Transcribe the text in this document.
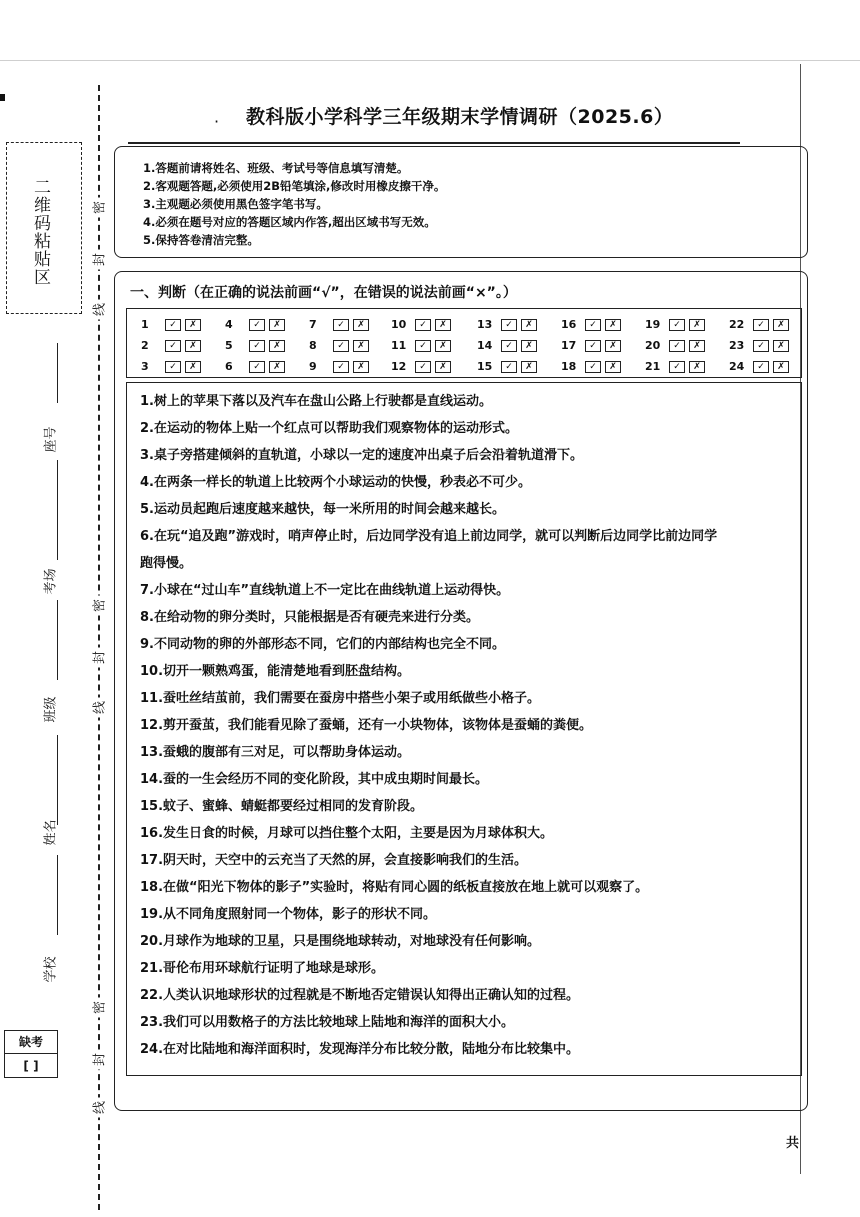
二维码粘贴区
座号
考场
班级
姓名
学校
密
封
线
密
封
线
密
封
线
缺考
[ ]
· 教科版小学科学三年级期末学情调研（2025.6）
1.答题前请将姓名、班级、考试号等信息填写清楚。
2.客观题答题,必须使用2B铅笔填涂,修改时用橡皮擦干净。
3.主观题必须使用黑色签字笔书写。
4.必须在题号对应的答题区域内作答,超出区域书写无效。
5.保持答卷清洁完整。
一、判断（在正确的说法前画“√”，在错误的说法前画“×”。）
1	✓	✗	4	✓	✗	7	✓	✗	10	✓	✗	13	✓	✗	16	✓	✗	19	✓	✗	22	✓	✗
2	✓	✗	5	✓	✗	8	✓	✗	11	✓	✗	14	✓	✗	17	✓	✗	20	✓	✗	23	✓	✗
3	✓	✗	6	✓	✗	9	✓	✗	12	✓	✗	15	✓	✗	18	✓	✗	21	✓	✗	24	✓	✗
1.树上的苹果下落以及汽车在盘山公路上行驶都是直线运动。
2.在运动的物体上贴一个红点可以帮助我们观察物体的运动形式。
3.桌子旁搭建倾斜的直轨道，小球以一定的速度冲出桌子后会沿着轨道滑下。
4.在两条一样长的轨道上比较两个小球运动的快慢，秒表必不可少。
5.运动员起跑后速度越来越快，每一米所用的时间会越来越长。
6.在玩“追及跑”游戏时，哨声停止时，后边同学没有追上前边同学，就可以判断后边同学比前边同学
跑得慢。
7.小球在“过山车”直线轨道上不一定比在曲线轨道上运动得快。
8.在给动物的卵分类时，只能根据是否有硬壳来进行分类。
9.不同动物的卵的外部形态不同，它们的内部结构也完全不同。
10.切开一颗熟鸡蛋，能清楚地看到胚盘结构。
11.蚕吐丝结茧前，我们需要在蚕房中搭些小架子或用纸做些小格子。
12.剪开蚕茧，我们能看见除了蚕蛹，还有一小块物体，该物体是蚕蛹的粪便。
13.蚕蛾的腹部有三对足，可以帮助身体运动。
14.蚕的一生会经历不同的变化阶段，其中成虫期时间最长。
15.蚊子、蜜蜂、蜻蜓都要经过相同的发育阶段。
16.发生日食的时候，月球可以挡住整个太阳，主要是因为月球体积大。
17.阴天时，天空中的云充当了天然的屏，会直接影响我们的生活。
18.在做“阳光下物体的影子”实验时，将贴有同心圆的纸板直接放在地上就可以观察了。
19.从不同角度照射同一个物体，影子的形状不同。
20.月球作为地球的卫星，只是围绕地球转动，对地球没有任何影响。
21.哥伦布用环球航行证明了地球是球形。
22.人类认识地球形状的过程就是不断地否定错误认知得出正确认知的过程。
23.我们可以用数格子的方法比较地球上陆地和海洋的面积大小。
24.在对比陆地和海洋面积时，发现海洋分布比较分散，陆地分布比较集中。
共
